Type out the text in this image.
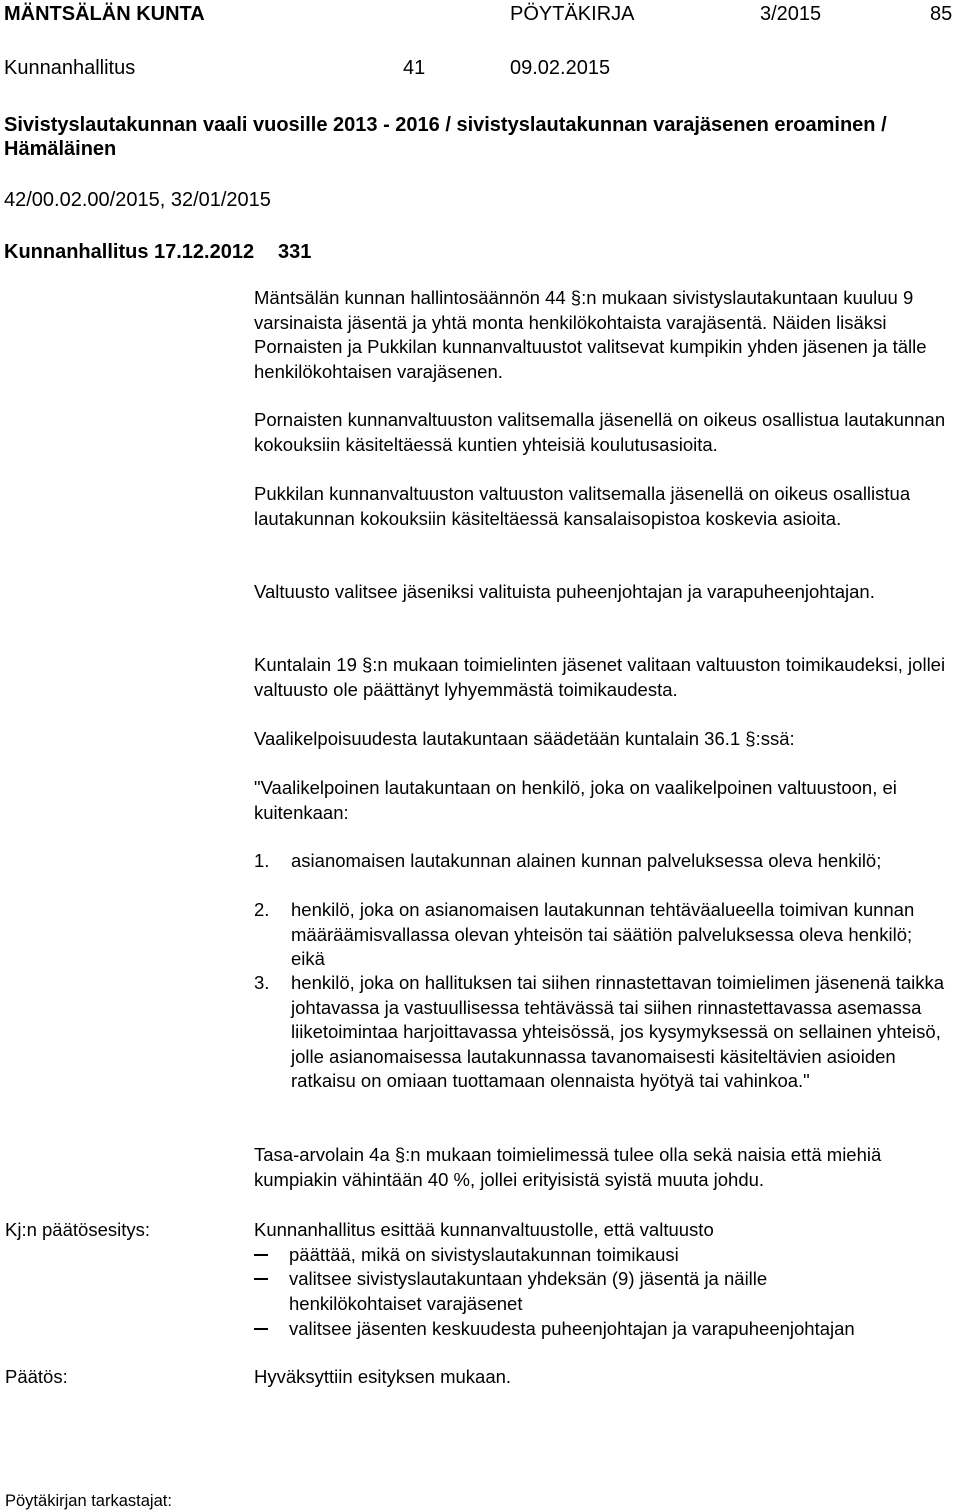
MÄNTSÄLÄN KUNTA	PÖYTÄKIRJA	3/2015	85
Kunnanhallitus	41	09.02.2015
Sivistyslautakunnan vaali vuosille 2013 - 2016 / sivistyslautakunnan varajäsenen eroaminen /
Hämäläinen
42/00.02.00/2015, 32/01/2015
Kunnanhallitus 17.12.2012 331
Mäntsälän kunnan hallintosäännön 44 §:n mukaan sivistyslautakuntaan kuuluu 9 varsinaista jäsentä ja yhtä monta henkilökohtaista varajäsentä. Näiden lisäksi Pornaisten ja Pukkilan kunnanvaltuustot valitsevat kumpikin yhden jäsenen ja tälle henkilökohtaisen varajäsenen.
Pornaisten kunnanvaltuuston valitsemalla jäsenellä on oikeus osallistua lautakunnan kokouksiin käsiteltäessä kuntien yhteisiä koulutusasioita.
Pukkilan kunnanvaltuuston valtuuston valitsemalla jäsenellä on oikeus osallistua lautakunnan kokouksiin käsiteltäessä kansalaisopistoa koskevia asioita.
Valtuusto valitsee jäseniksi valituista puheenjohtajan ja varapuheenjohtajan.
Kuntalain 19 §:n mukaan toimielinten jäsenet valitaan valtuuston toimikaudeksi, jollei valtuusto ole päättänyt lyhyemmästä toimikaudesta.
Vaalikelpoisuudesta lautakuntaan säädetään kuntalain 36.1 §:ssä:
"Vaalikelpoinen lautakuntaan on henkilö, joka on vaalikelpoinen valtuustoon, ei kuitenkaan:
1. asianomaisen lautakunnan alainen kunnan palveluksessa oleva henkilö;
2. henkilö, joka on asianomaisen lautakunnan tehtäväalueella toimivan kunnan määräämisvallassa olevan yhteisön tai säätiön palveluksessa oleva henkilö; eikä
3. henkilö, joka on hallituksen tai siihen rinnastettavan toimielimen jäsenenä taikka johtavassa ja vastuullisessa tehtävässä tai siihen rinnastettavassa asemassa liiketoimintaa harjoittavassa yhteisössä, jos kysymyksessä on sellainen yhteisö, jolle asianomaisessa lautakunnassa tavanomaisesti käsiteltävien asioiden ratkaisu on omiaan tuottamaan olennaista hyötyä tai vahinkoa."
Tasa-arvolain 4a §:n mukaan toimielimessä tulee olla sekä naisia että miehiä kumpiakin vähintään 40 %, jollei erityisistä syistä muuta johdu.
Kj:n päätösesitys:	Kunnanhallitus esittää kunnanvaltuustolle, että valtuusto
päättää, mikä on sivistyslautakunnan toimikausi
valitsee sivistyslautakuntaan yhdeksän (9) jäsentä ja näille henkilökohtaiset varajäsenet
valitsee jäsenten keskuudesta puheenjohtajan ja varapuheenjohtajan
Päätös:	Hyväksyttiin esityksen mukaan.
Pöytäkirjan tarkastajat:
